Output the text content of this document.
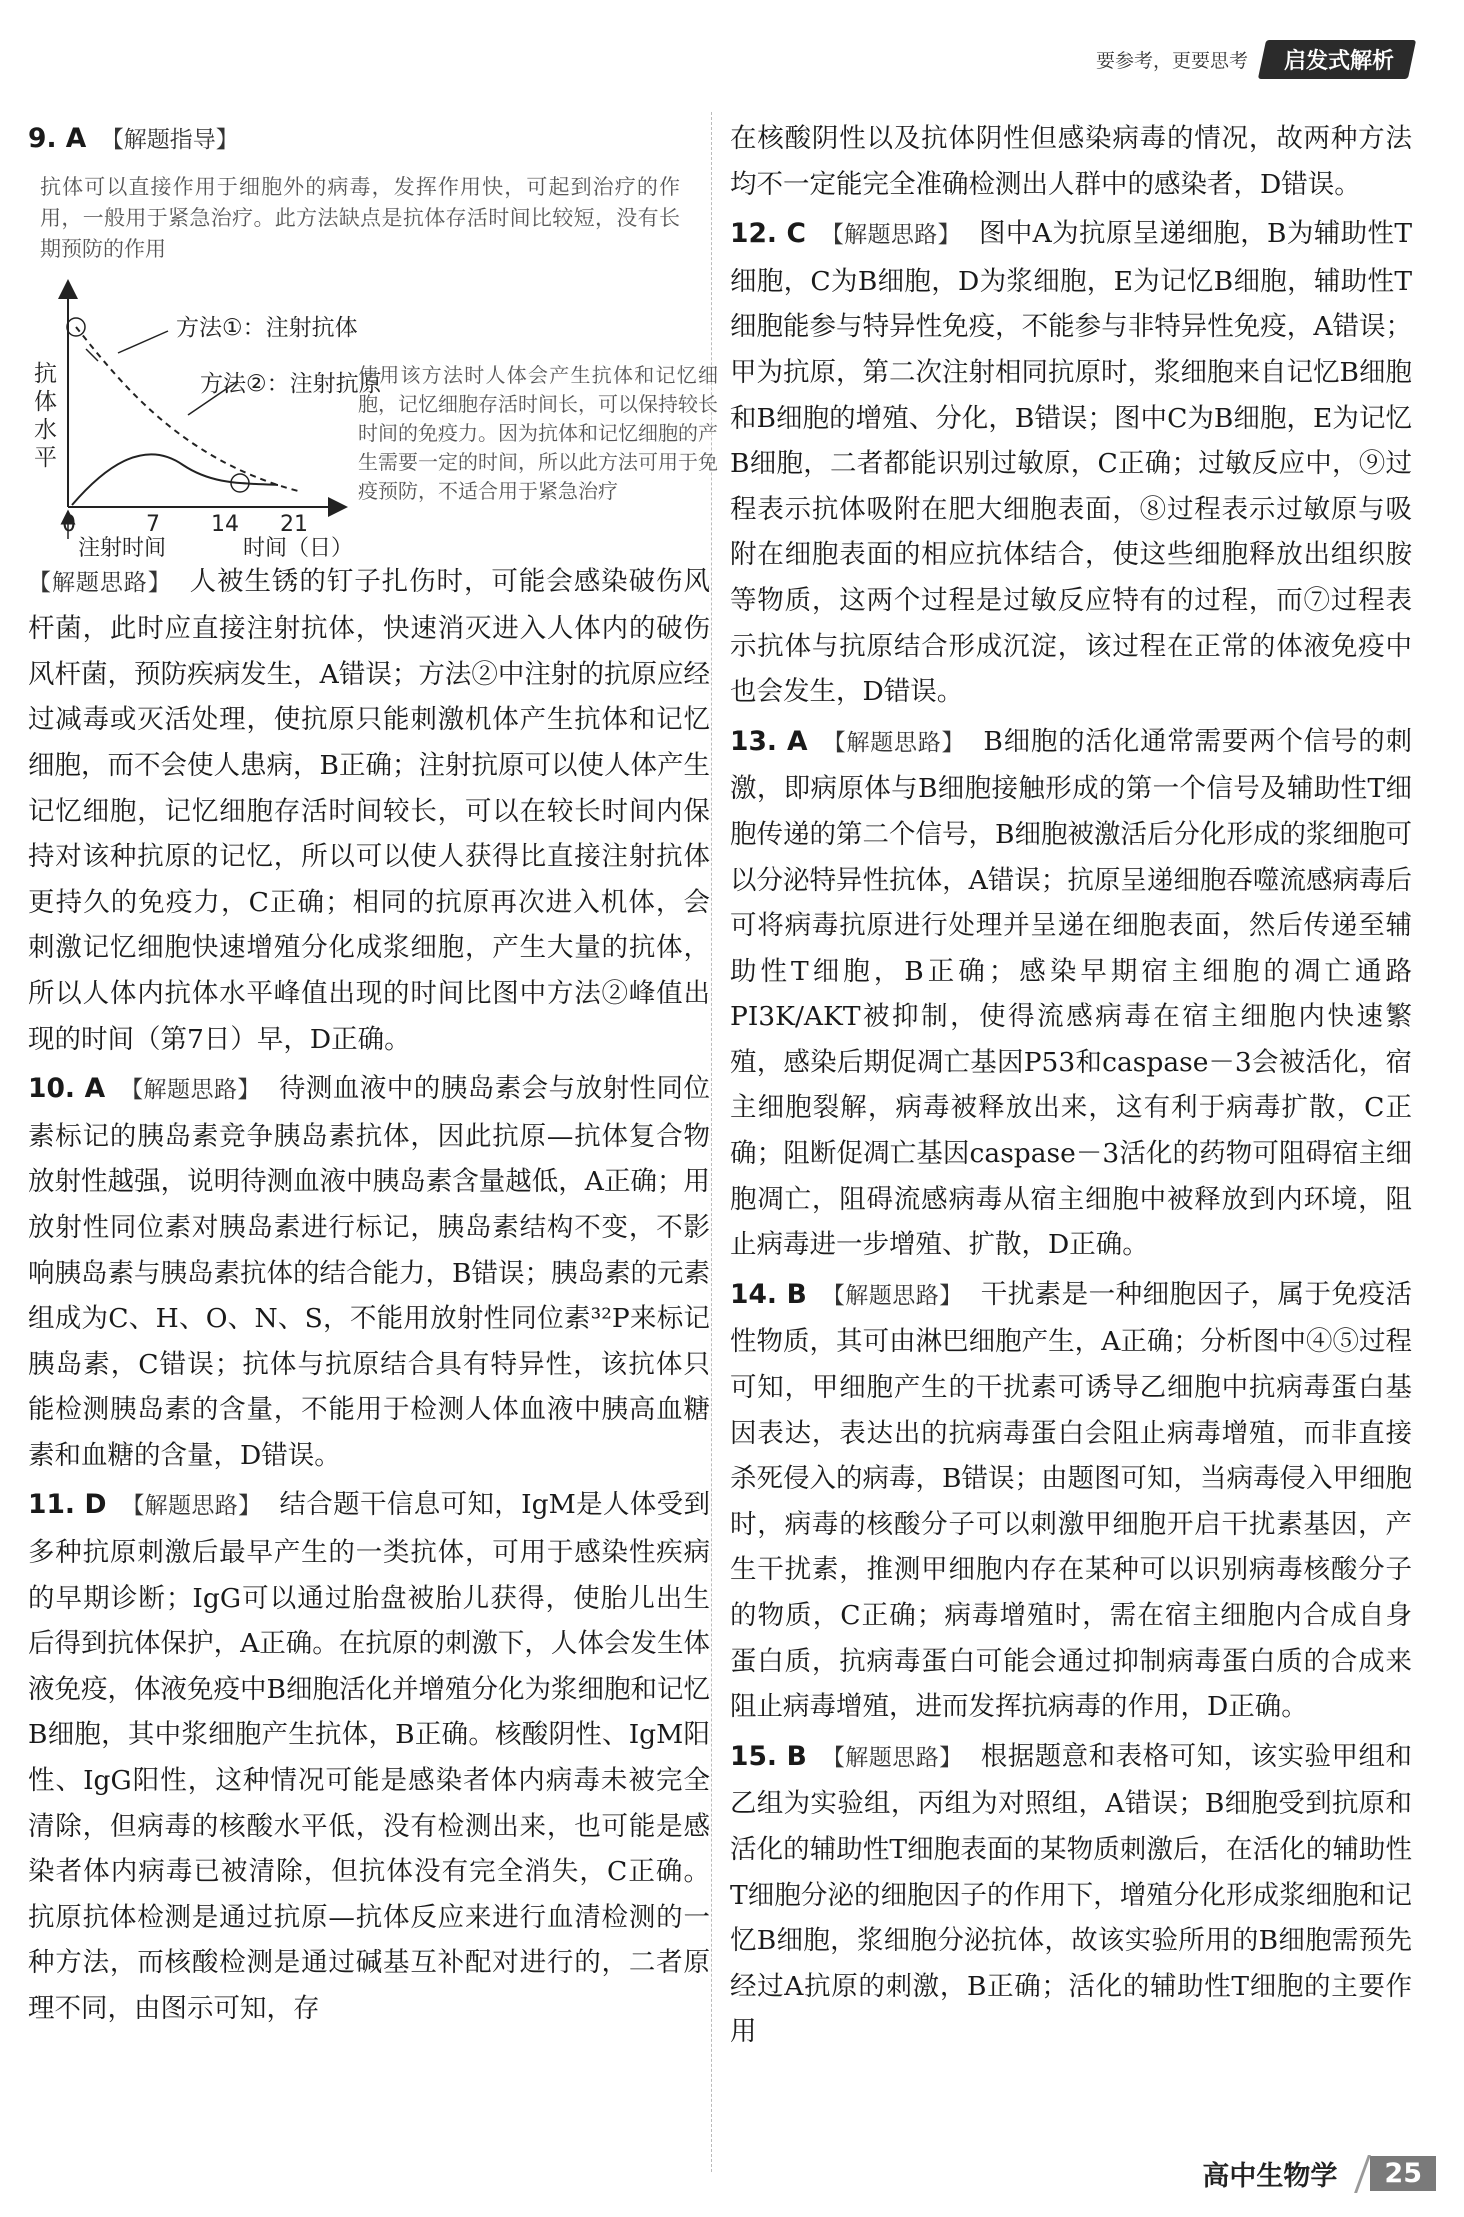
要参考，更要思考	启发式解析

9. A 【解题指导】

抗体可以直接作用于细胞外的病毒，发挥作用快，可起到治疗的作用，一般用于紧急治疗。此方法缺点是抗体存活时间比较短，没有长期预防的作用
抗
体
水
平
方法①：注射抗体
方法②：注射抗原
0	7 14 21
注射时间	时间（日）
使用该方法时人体会产生抗体和记忆细胞，记忆细胞存活时间长，可以保持较长时间的免疫力。因为抗体和记忆细胞的产生需要一定的时间，所以此方法可用于免疫预防，不适合用于紧急治疗

【解题思路】 人被生锈的钉子扎伤时，可能会感染破伤风杆菌，此时应直接注射抗体，快速消灭进入人体内的破伤风杆菌，预防疾病发生，A错误；方法②中注射的抗原应经过减毒或灭活处理，使抗原只能刺激机体产生抗体和记忆细胞，而不会使人患病，B正确；注射抗原可以使人体产生记忆细胞，记忆细胞存活时间较长，可以在较长时间内保持对该种抗原的记忆，所以可以使人获得比直接注射抗体更持久的免疫力，C正确；相同的抗原再次进入机体，会刺激记忆细胞快速增殖分化成浆细胞，产生大量的抗体，所以人体内抗体水平峰值出现的时间比图中方法②峰值出现的时间（第7日）早，D正确。

10. A 【解题思路】 待测血液中的胰岛素会与放射性同位素标记的胰岛素竞争胰岛素抗体，因此抗原—抗体复合物放射性越强，说明待测血液中胰岛素含量越低，A正确；用放射性同位素对胰岛素进行标记，胰岛素结构不变，不影响胰岛素与胰岛素抗体的结合能力，B错误；胰岛素的元素组成为C、H、O、N、S，不能用放射性同位素³²P来标记胰岛素，C错误；抗体与抗原结合具有特异性，该抗体只能检测胰岛素的含量，不能用于检测人体血液中胰高血糖素和血糖的含量，D错误。

11. D 【解题思路】 结合题干信息可知，IgM是人体受到多种抗原刺激后最早产生的一类抗体，可用于感染性疾病的早期诊断；IgG可以通过胎盘被胎儿获得，使胎儿出生后得到抗体保护，A正确。在抗原的刺激下，人体会发生体液免疫，体液免疫中B细胞活化并增殖分化为浆细胞和记忆B细胞，其中浆细胞产生抗体，B正确。核酸阴性、IgM阳性、IgG阳性，这种情况可能是感染者体内病毒未被完全清除，但病毒的核酸水平低，没有检测出来，也可能是感染者体内病毒已被清除，但抗体没有完全消失，C正确。抗原抗体检测是通过抗原—抗体反应来进行血清检测的一种方法，而核酸检测是通过碱基互补配对进行的，二者原理不同，由图示可知，存

在核酸阴性以及抗体阴性但感染病毒的情况，故两种方法均不一定能完全准确检测出人群中的感染者，D错误。

12. C 【解题思路】 图中A为抗原呈递细胞，B为辅助性T细胞，C为B细胞，D为浆细胞，E为记忆B细胞，辅助性T细胞能参与特异性免疫，不能参与非特异性免疫，A错误；甲为抗原，第二次注射相同抗原时，浆细胞来自记忆B细胞和B细胞的增殖、分化，B错误；图中C为B细胞，E为记忆B细胞，二者都能识别过敏原，C正确；过敏反应中，⑨过程表示抗体吸附在肥大细胞表面，⑧过程表示过敏原与吸附在细胞表面的相应抗体结合，使这些细胞释放出组织胺等物质，这两个过程是过敏反应特有的过程，而⑦过程表示抗体与抗原结合形成沉淀，该过程在正常的体液免疫中也会发生，D错误。

13. A 【解题思路】 B细胞的活化通常需要两个信号的刺激，即病原体与B细胞接触形成的第一个信号及辅助性T细胞传递的第二个信号，B细胞被激活后分化形成的浆细胞可以分泌特异性抗体，A错误；抗原呈递细胞吞噬流感病毒后可将病毒抗原进行处理并呈递在细胞表面，然后传递至辅助性T细胞，B正确；感染早期宿主细胞的凋亡通路PI3K/AKT被抑制，使得流感病毒在宿主细胞内快速繁殖，感染后期促凋亡基因P53和caspase－3会被活化，宿主细胞裂解，病毒被释放出来，这有利于病毒扩散，C正确；阻断促凋亡基因caspase－3活化的药物可阻碍宿主细胞凋亡，阻碍流感病毒从宿主细胞中被释放到内环境，阻止病毒进一步增殖、扩散，D正确。

14. B 【解题思路】 干扰素是一种细胞因子，属于免疫活性物质，其可由淋巴细胞产生，A正确；分析图中④⑤过程可知，甲细胞产生的干扰素可诱导乙细胞中抗病毒蛋白基因表达，表达出的抗病毒蛋白会阻止病毒增殖，而非直接杀死侵入的病毒，B错误；由题图可知，当病毒侵入甲细胞时，病毒的核酸分子可以刺激甲细胞开启干扰素基因，产生干扰素，推测甲细胞内存在某种可以识别病毒核酸分子的物质，C正确；病毒增殖时，需在宿主细胞内合成自身蛋白质，抗病毒蛋白可能会通过抑制病毒蛋白质的合成来阻止病毒增殖，进而发挥抗病毒的作用，D正确。

15. B 【解题思路】 根据题意和表格可知，该实验甲组和乙组为实验组，丙组为对照组，A错误；B细胞受到抗原和活化的辅助性T细胞表面的某物质刺激后，在活化的辅助性T细胞分泌的细胞因子的作用下，增殖分化形成浆细胞和记忆B细胞，浆细胞分泌抗体，故该实验所用的B细胞需预先经过A抗原的刺激，B正确；活化的辅助性T细胞的主要作用

高中生物学	25
